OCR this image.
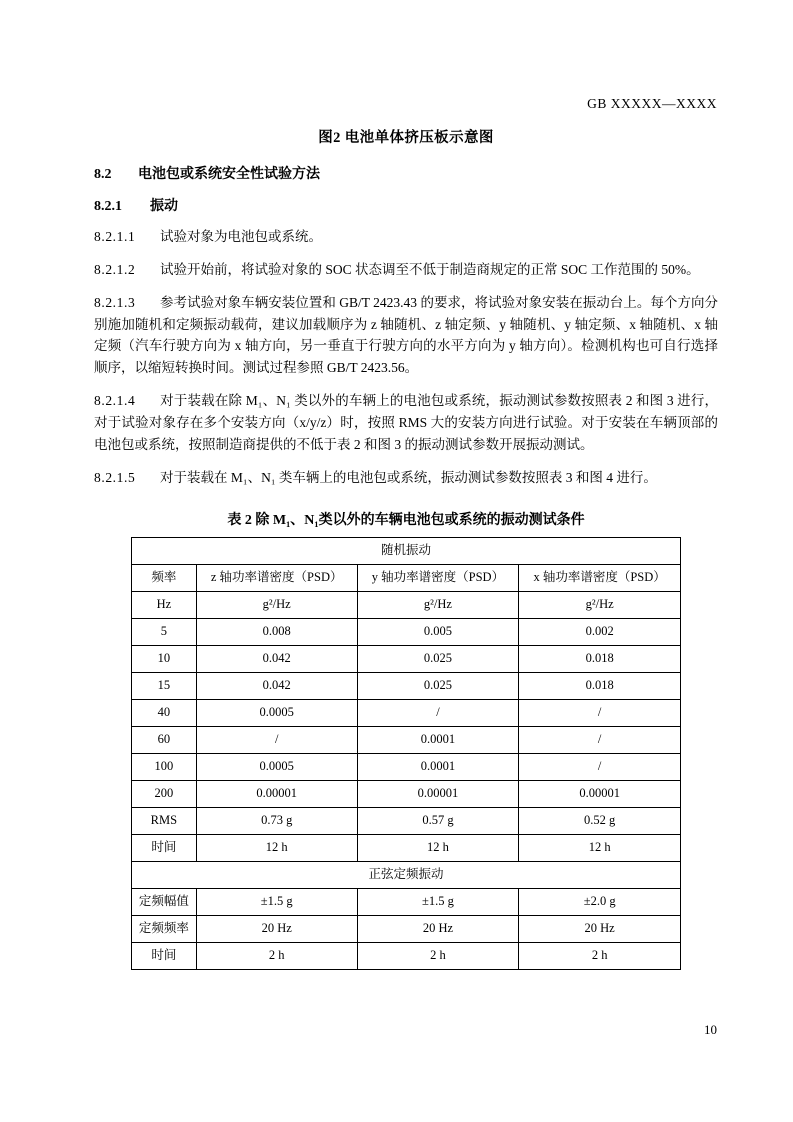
GB XXXXX—XXXX
图2 电池单体挤压板示意图
8.2 电池包或系统安全性试验方法
8.2.1 振动

8.2.1.1 试验对象为电池包或系统。

8.2.1.2 试验开始前，将试验对象的 SOC 状态调至不低于制造商规定的正常 SOC 工作范围的 50%。

8.2.1.3 参考试验对象车辆安装位置和 GB/T 2423.43 的要求，将试验对象安装在振动台上。每个方向分别施加随机和定频振动载荷，建议加载顺序为 z 轴随机、z 轴定频、y 轴随机、y 轴定频、x 轴随机、x 轴定频（汽车行驶方向为 x 轴方向，另一垂直于行驶方向的水平方向为 y 轴方向）。检测机构也可自行选择顺序，以缩短转换时间。测试过程参照 GB/T 2423.56。

8.2.1.4 对于装载在除 M₁、N₁ 类以外的车辆上的电池包或系统，振动测试参数按照表 2 和图 3 进行，对于试验对象存在多个安装方向（x/y/z）时，按照 RMS 大的安装方向进行试验。对于安装在车辆顶部的电池包或系统，按照制造商提供的不低于表 2 和图 3 的振动测试参数开展振动测试。

8.2.1.5 对于装载在 M₁、N₁ 类车辆上的电池包或系统，振动测试参数按照表 3 和图 4 进行。

表 2 除 M₁、N₁类以外的车辆电池包或系统的振动测试条件
随机振动			
频率	z 轴功率谱密度（PSD）	y 轴功率谱密度（PSD）	x 轴功率谱密度（PSD）
Hz	g²/Hz	g²/Hz	g²/Hz
5	0.008	0.005	0.002
10	0.042	0.025	0.018
15	0.042	0.025	0.018
40	0.0005	/	/
60	/	0.0001	/
100	0.0005	0.0001	/
200	0.00001	0.00001	0.00001
RMS	0.73 g	0.57 g	0.52 g
时间	12 h	12 h	12 h
正弦定频振动			
定频幅值	±1.5 g	±1.5 g	±2.0 g
定频频率	20 Hz	20 Hz	20 Hz
时间	2 h	2 h	2 h
10
